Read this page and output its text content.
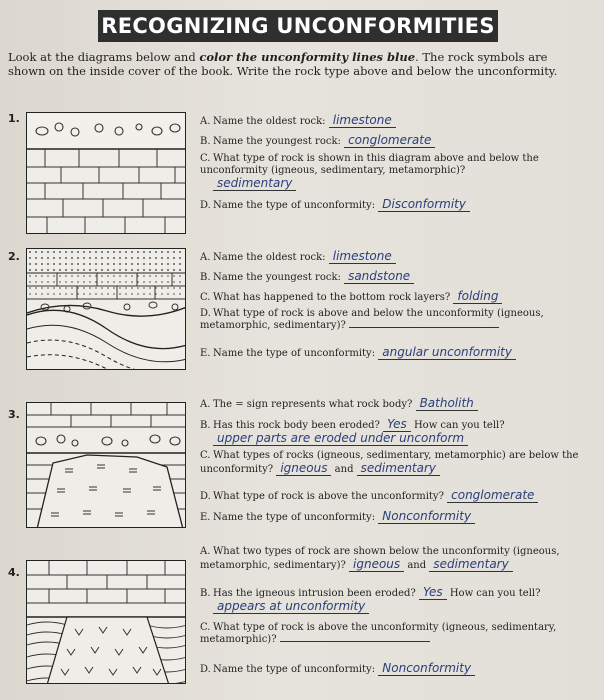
RECOGNIZING UNCONFORMITIES
Look at the diagrams below and color the unconformity lines blue. The rock symbols are shown on the inside cover of the book. Write the rock type above and below the unconformity.
1.	A. Name the oldest rock: limestone
B. Name the youngest rock: conglomerate
C. What type of rock is shown in this diagram above and below the unconformity (igneous, sedimentary, metamorphic)?
sedimentary
D. Name the type of unconformity: Disconformity
2.	A. Name the oldest rock: limestone
B. Name the youngest rock: sandstone
C. What has happened to the bottom rock layers? folding
D. What type of rock is above and below the unconformity (igneous, metamorphic, sedimentary)?
E. Name the type of unconformity: angular unconformity
3.
A. The = sign represents what rock body? Batholith
B. Has this rock body been eroded? Yes How can you tell?
upper parts are eroded under unconform
C. What types of rocks (igneous, sedimentary, metamorphic) are below the unconformity? igneous and sedimentary
D. What type of rock is above the unconformity? conglomerate
E. Name the type of unconformity: Nonconformity
4.
A. What two types of rock are shown below the unconformity (igneous, metamorphic, sedimentary)? igneous and sedimentary
B. Has the igneous intrusion been eroded? Yes How can you tell?
appears at unconformity
C. What type of rock is above the unconformity (igneous, sedimentary, metamorphic)?
D. Name the type of unconformity: Nonconformity
